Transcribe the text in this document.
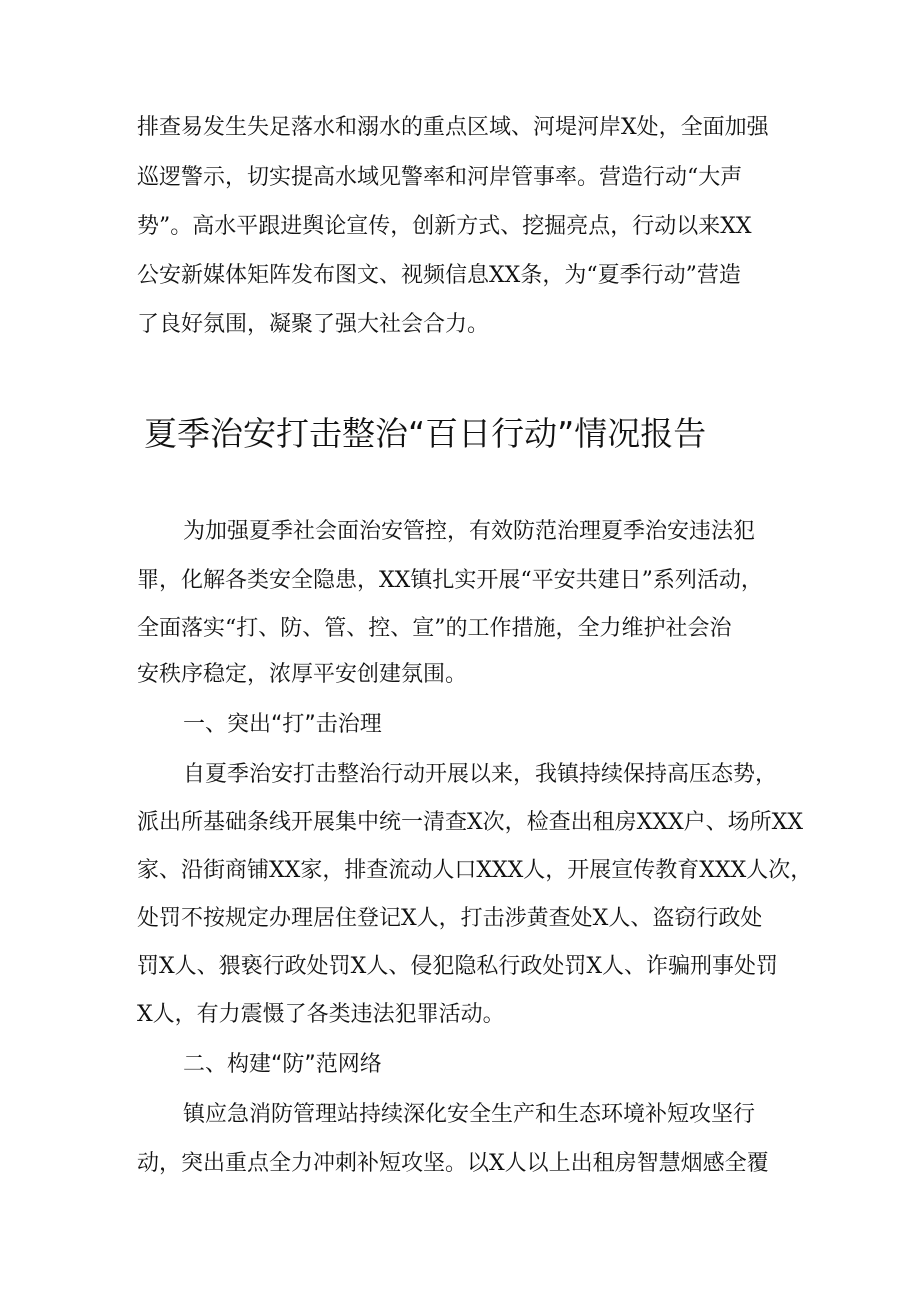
排查易发生失足落水和溺水的重点区域、河堤河岸X处，全面加强
巡逻警示，切实提高水域见警率和河岸管事率。营造行动“大声
势”。高水平跟进舆论宣传，创新方式、挖掘亮点，行动以来XX
公安新媒体矩阵发布图文、视频信息XX条，为“夏季行动”营造
了良好氛围，凝聚了强大社会合力。
夏季治安打击整治“百日行动”情况报告
为加强夏季社会面治安管控，有效防范治理夏季治安违法犯
罪，化解各类安全隐患，XX镇扎实开展“平安共建日”系列活动，
全面落实“打、防、管、控、宣”的工作措施，全力维护社会治
安秩序稳定，浓厚平安创建氛围。
一、突出“打”击治理
自夏季治安打击整治行动开展以来，我镇持续保持高压态势，
派出所基础条线开展集中统一清查X次，检查出租房XXX户、场所XX
家、沿街商铺XX家，排查流动人口XXX人，开展宣传教育XXX人次，
处罚不按规定办理居住登记X人，打击涉黄查处X人、盗窃行政处
罚X人、猥亵行政处罚X人、侵犯隐私行政处罚X人、诈骗刑事处罚
X人，有力震慑了各类违法犯罪活动。
二、构建“防”范网络
镇应急消防管理站持续深化安全生产和生态环境补短攻坚行
动，突出重点全力冲刺补短攻坚。以X人以上出租房智慧烟感全覆
